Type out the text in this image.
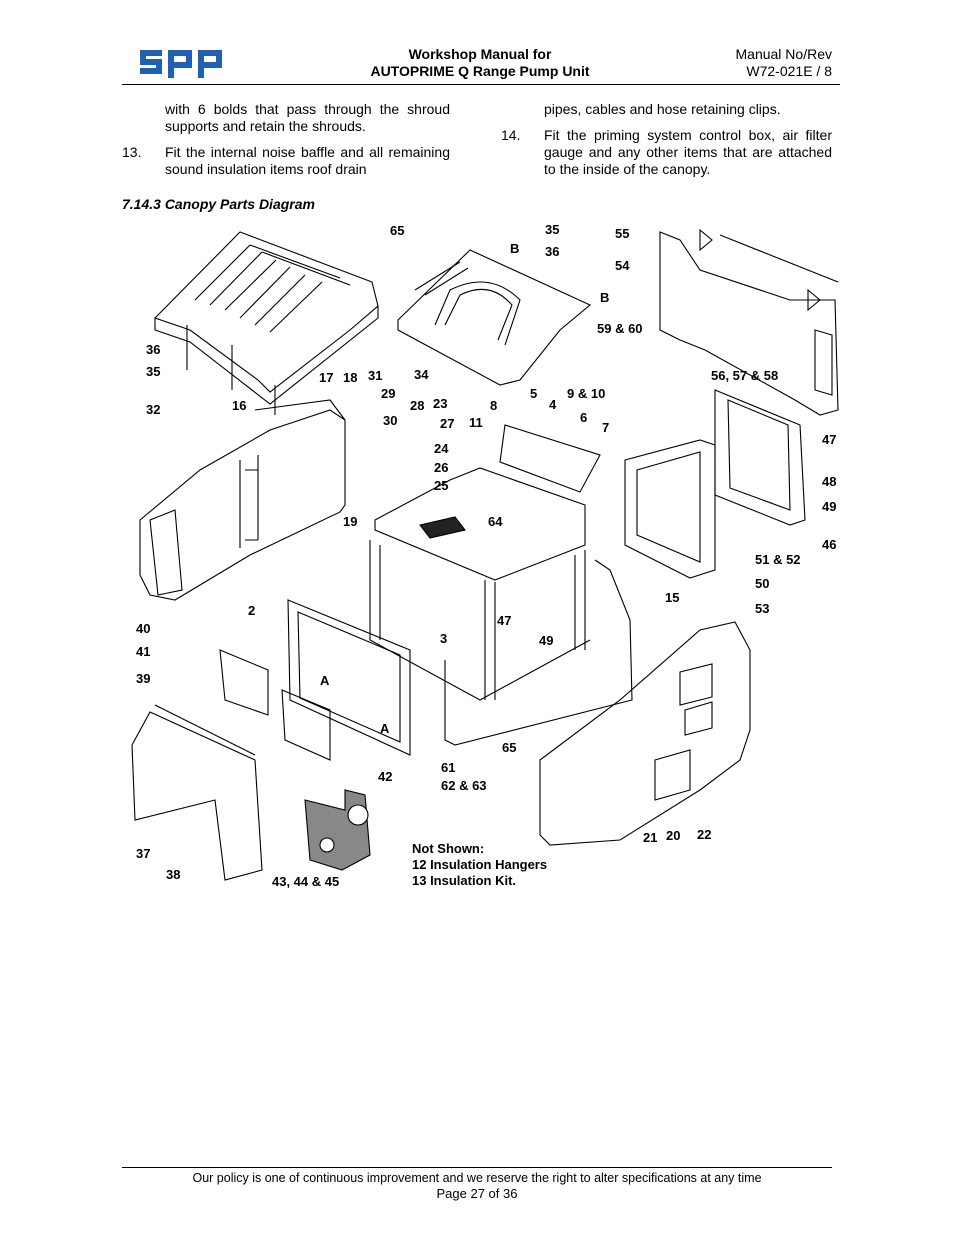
Workshop Manual for
AUTOPRIME Q Range Pump Unit
Manual No/Rev
W72-021E / 8
with 6 bolds that pass through the shroud supports and retain the shrouds.
13. Fit the internal noise baffle and all remaining sound insulation items roof drain
pipes, cables and hose retaining clips.
14. Fit the priming system control box, air filter gauge and any other items that are attached to the inside of the canopy.
7.14.3 Canopy Parts Diagram
65	35
B 36
55
54
B
59 & 60
36
35
32	16
17 18 31
29
30
28 23
27
24
26
25
11
34
5 9 & 10
8	4
6
7
56, 57 & 58
47
48
49
46
19	64
51 & 52
50
53
15
2
3
47
49
40
41
39	A
A
42
65
61
62 & 63
21 20 22
37
38	43, 44 & 45
Not Shown:
12 Insulation Hangers
13 Insulation Kit.
Our policy is one of continuous improvement and we reserve the right to alter specifications at any time
Page 27 of 36
